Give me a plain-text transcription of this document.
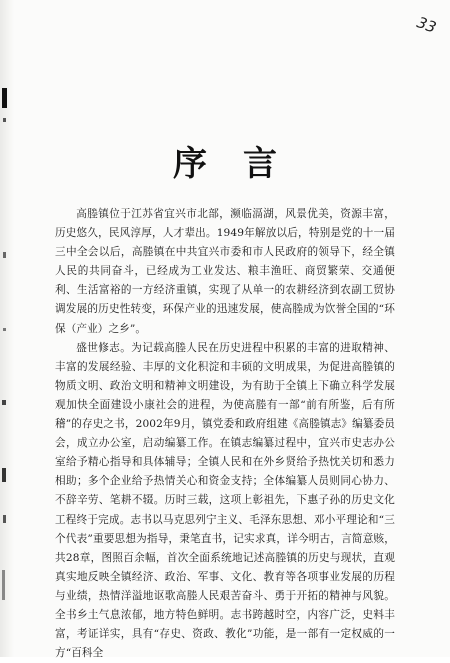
33
序言

高塍镇位于江苏省宜兴市北部，濒临滆湖，风景优美，资源丰富，历史悠久，民风淳厚，人才辈出。1949年解放以后，特别是党的十一届三中全会以后，高塍镇在中共宜兴市委和市人民政府的领导下，经全镇人民的共同奋斗，已经成为工业发达、粮丰渔旺、商贸繁荣、交通便利、生活富裕的一方经济重镇，实现了从单一的农耕经济到农副工贸协调发展的历史性转变，环保产业的迅速发展，使高塍成为饮誉全国的“环保（产业）之乡”。

盛世修志。为记载高塍人民在历史进程中积累的丰富的进取精神、丰富的发展经验、丰厚的文化积淀和丰硕的文明成果，为促进高塍镇的物质文明、政治文明和精神文明建设，为有助于全镇上下确立科学发展观加快全面建设小康社会的进程，为使高塍有一部“前有所鉴，后有所稽”的存史之书，2002年9月，镇党委和政府组建《高塍镇志》编纂委员会，成立办公室，启动编纂工作。在镇志编纂过程中，宜兴市史志办公室给予精心指导和具体辅导；全镇人民和在外乡贤给予热忱关切和悉力相助；多个企业给予热情关心和资金支持；全体编纂人员则同心协力、不辞辛劳、笔耕不辍。历时三载，这项上彰祖先，下惠子孙的历史文化工程终于完成。志书以马克思列宁主义、毛泽东思想、邓小平理论和“三个代表”重要思想为指导，秉笔直书，记实求真，详今明古，言简意赅，共28章，图照百余幅，首次全面系统地记述高塍镇的历史与现状，直观真实地反映全镇经济、政治、军事、文化、教育等各项事业发展的历程与业绩，热情洋溢地讴歌高塍人民艰苦奋斗、勇于开拓的精神与风貌。全书乡土气息浓郁，地方特色鲜明。志书跨越时空，内容广泛，史料丰富，考证详实，具有“存史、资政、教化”功能，是一部有一定权威的一方“百科全
